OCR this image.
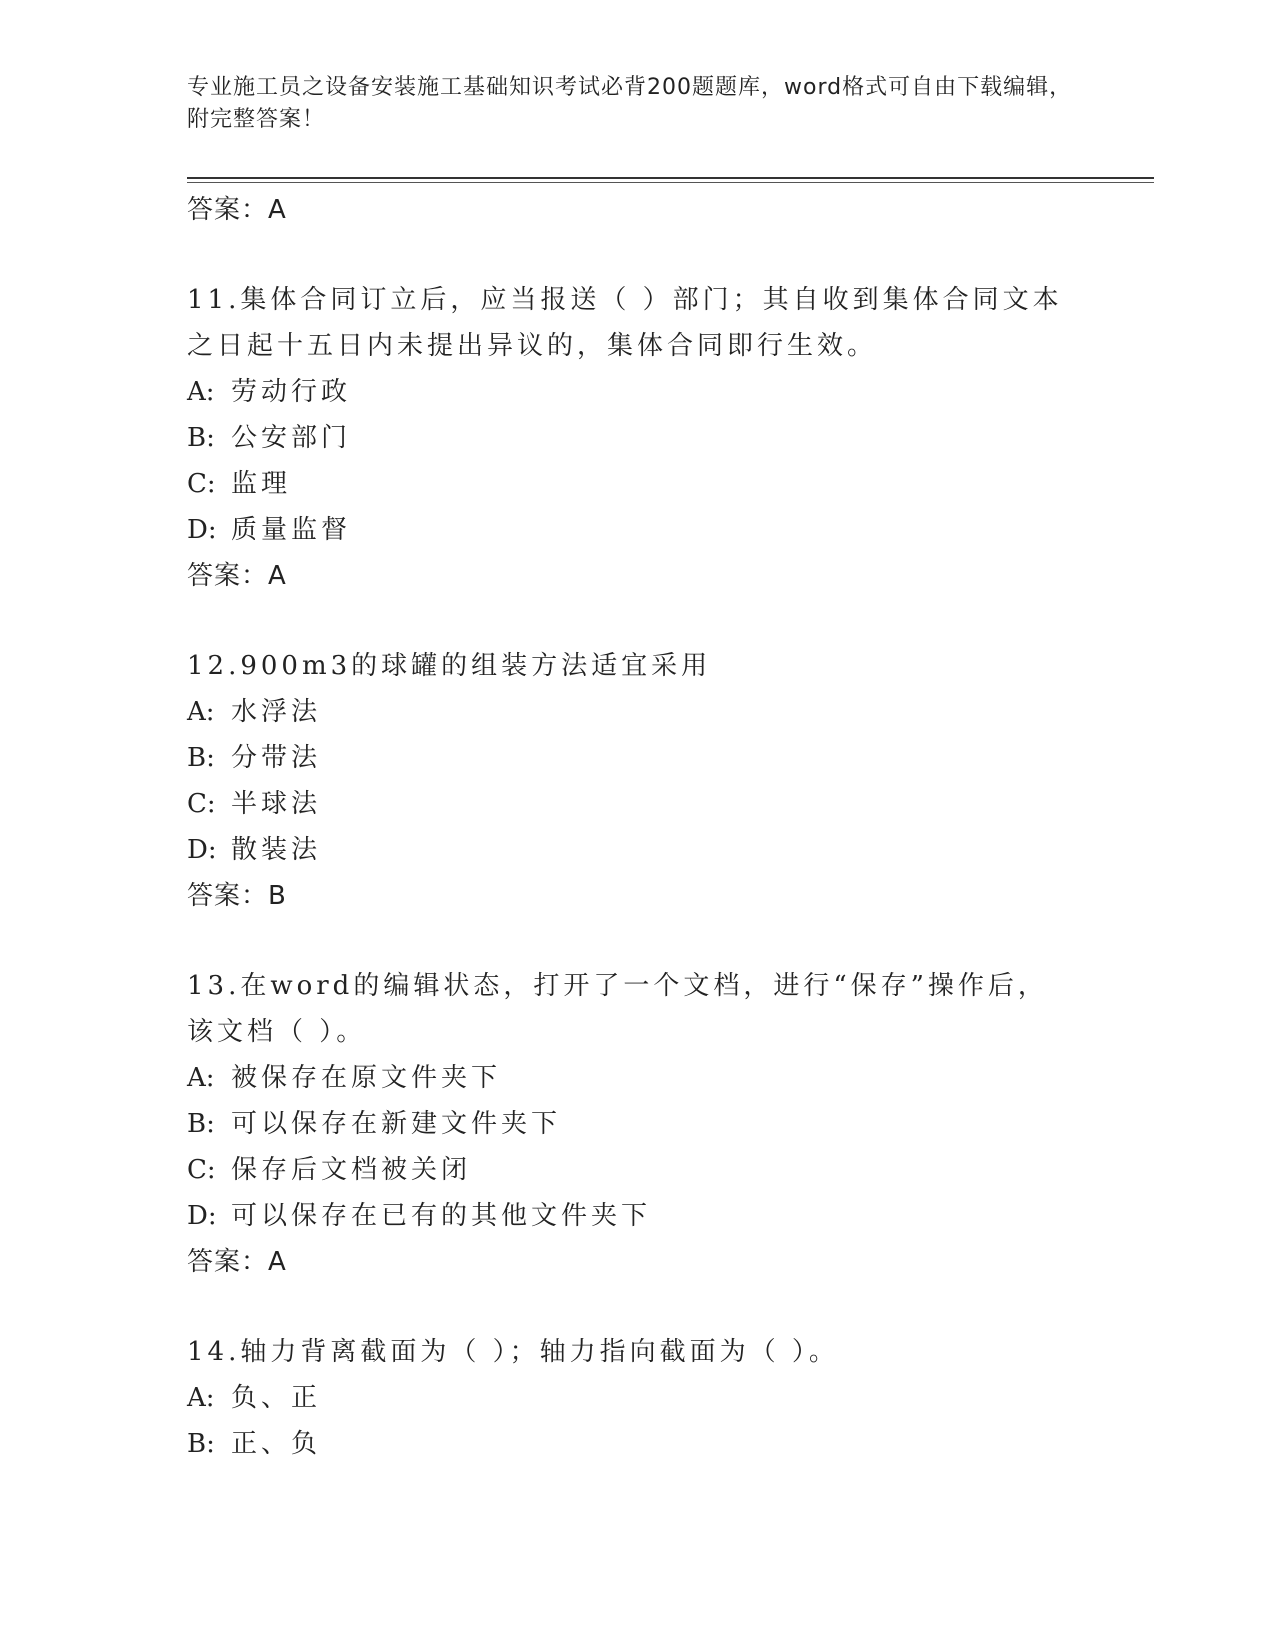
专业施工员之设备安装施工基础知识考试必背200题题库，word格式可自由下载编辑，附完整答案！
答案：A
11.集体合同订立后，应当报送（ ）部门；其自收到集体合同文本之日起十五日内未提出异议的，集体合同即行生效。
A: 劳动行政
B: 公安部门
C: 监理
D: 质量监督
答案：A
12.900m3的球罐的组装方法适宜采用
A: 水浮法
B: 分带法
C: 半球法
D: 散装法
答案：B
13.在word的编辑状态，打开了一个文档，进行“保存”操作后，该文档（ ）。
A: 被保存在原文件夹下
B: 可以保存在新建文件夹下
C: 保存后文档被关闭
D: 可以保存在已有的其他文件夹下
答案：A
14.轴力背离截面为（ ）；轴力指向截面为（ ）。
A: 负、正
B: 正、负
